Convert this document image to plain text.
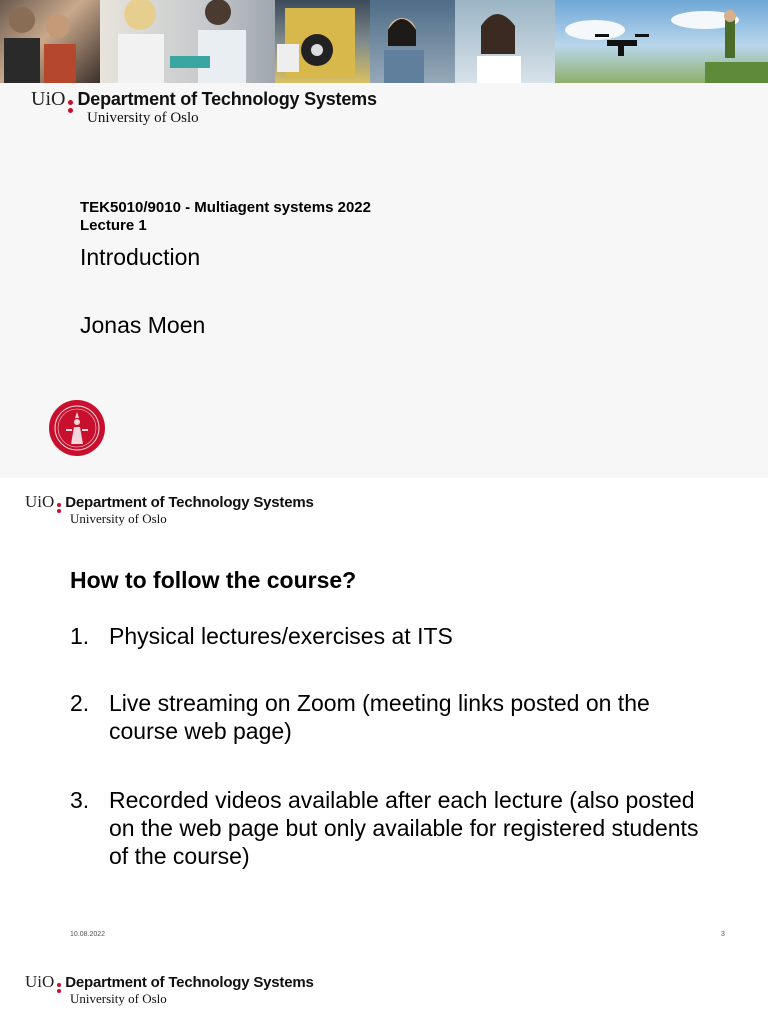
UiO Department of Technology Systems
University of Oslo
TEK5010/9010 - Multiagent systems 2022
Lecture 1
Introduction
Jonas Moen
UiO Department of Technology Systems
University of Oslo
How to follow the course?
1. Physical lectures/exercises at ITS
2. Live streaming on Zoom (meeting links posted on the course web page)
3. Recorded videos available after each lecture (also posted on the web page but only available for registered students of the course)
10.08.2022	3
UiO Department of Technology Systems
University of Oslo
